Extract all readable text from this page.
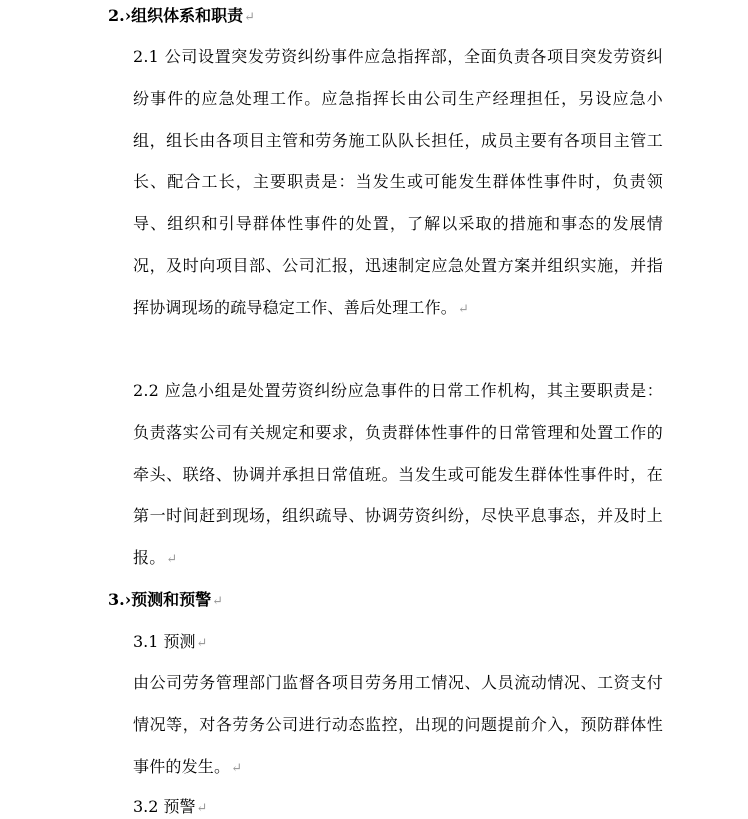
2.›组织体系和职责↵
2.1 公司设置突发劳资纠纷事件应急指挥部，全面负责各项目突发劳资纠纷事件的应急处理工作。应急指挥长由公司生产经理担任，另设应急小组，组长由各项目主管和劳务施工队队长担任，成员主要有各项目主管工长、配合工长，主要职责是：当发生或可能发生群体性事件时，负责领导、组织和引导群体性事件的处置，了解以采取的措施和事态的发展情况，及时向项目部、公司汇报，迅速制定应急处置方案并组织实施，并指挥协调现场的疏导稳定工作、善后处理工作。↵
2.2 应急小组是处置劳资纠纷应急事件的日常工作机构，其主要职责是：负责落实公司有关规定和要求，负责群体性事件的日常管理和处置工作的牵头、联络、协调并承担日常值班。当发生或可能发生群体性事件时，在第一时间赶到现场，组织疏导、协调劳资纠纷，尽快平息事态，并及时上报。↵
3.›预测和预警↵
3.1 预测↵
由公司劳务管理部门监督各项目劳务用工情况、人员流动情况、工资支付情况等，对各劳务公司进行动态监控，出现的问题提前介入，预防群体性事件的发生。↵
3.2 预警↵
